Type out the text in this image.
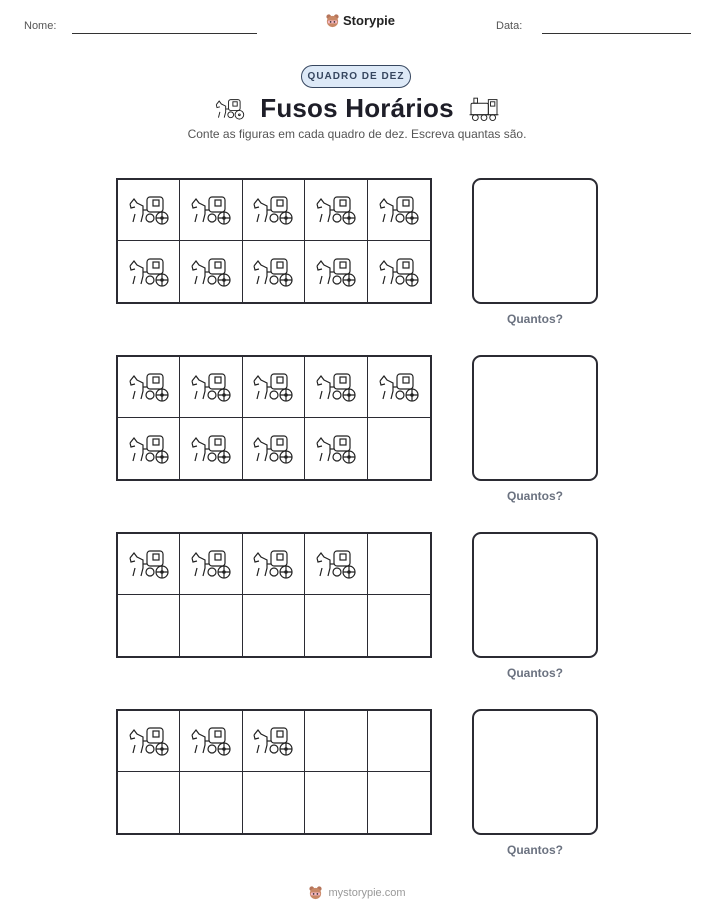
Nome:	Storypie	Data:
QUADRO DE DEZ
Fusos Horários
Conte as figuras em cada quadro de dez. Escreva quantas são.
Quantos?
Quantos?
Quantos?
Quantos?
mystorypie.com
